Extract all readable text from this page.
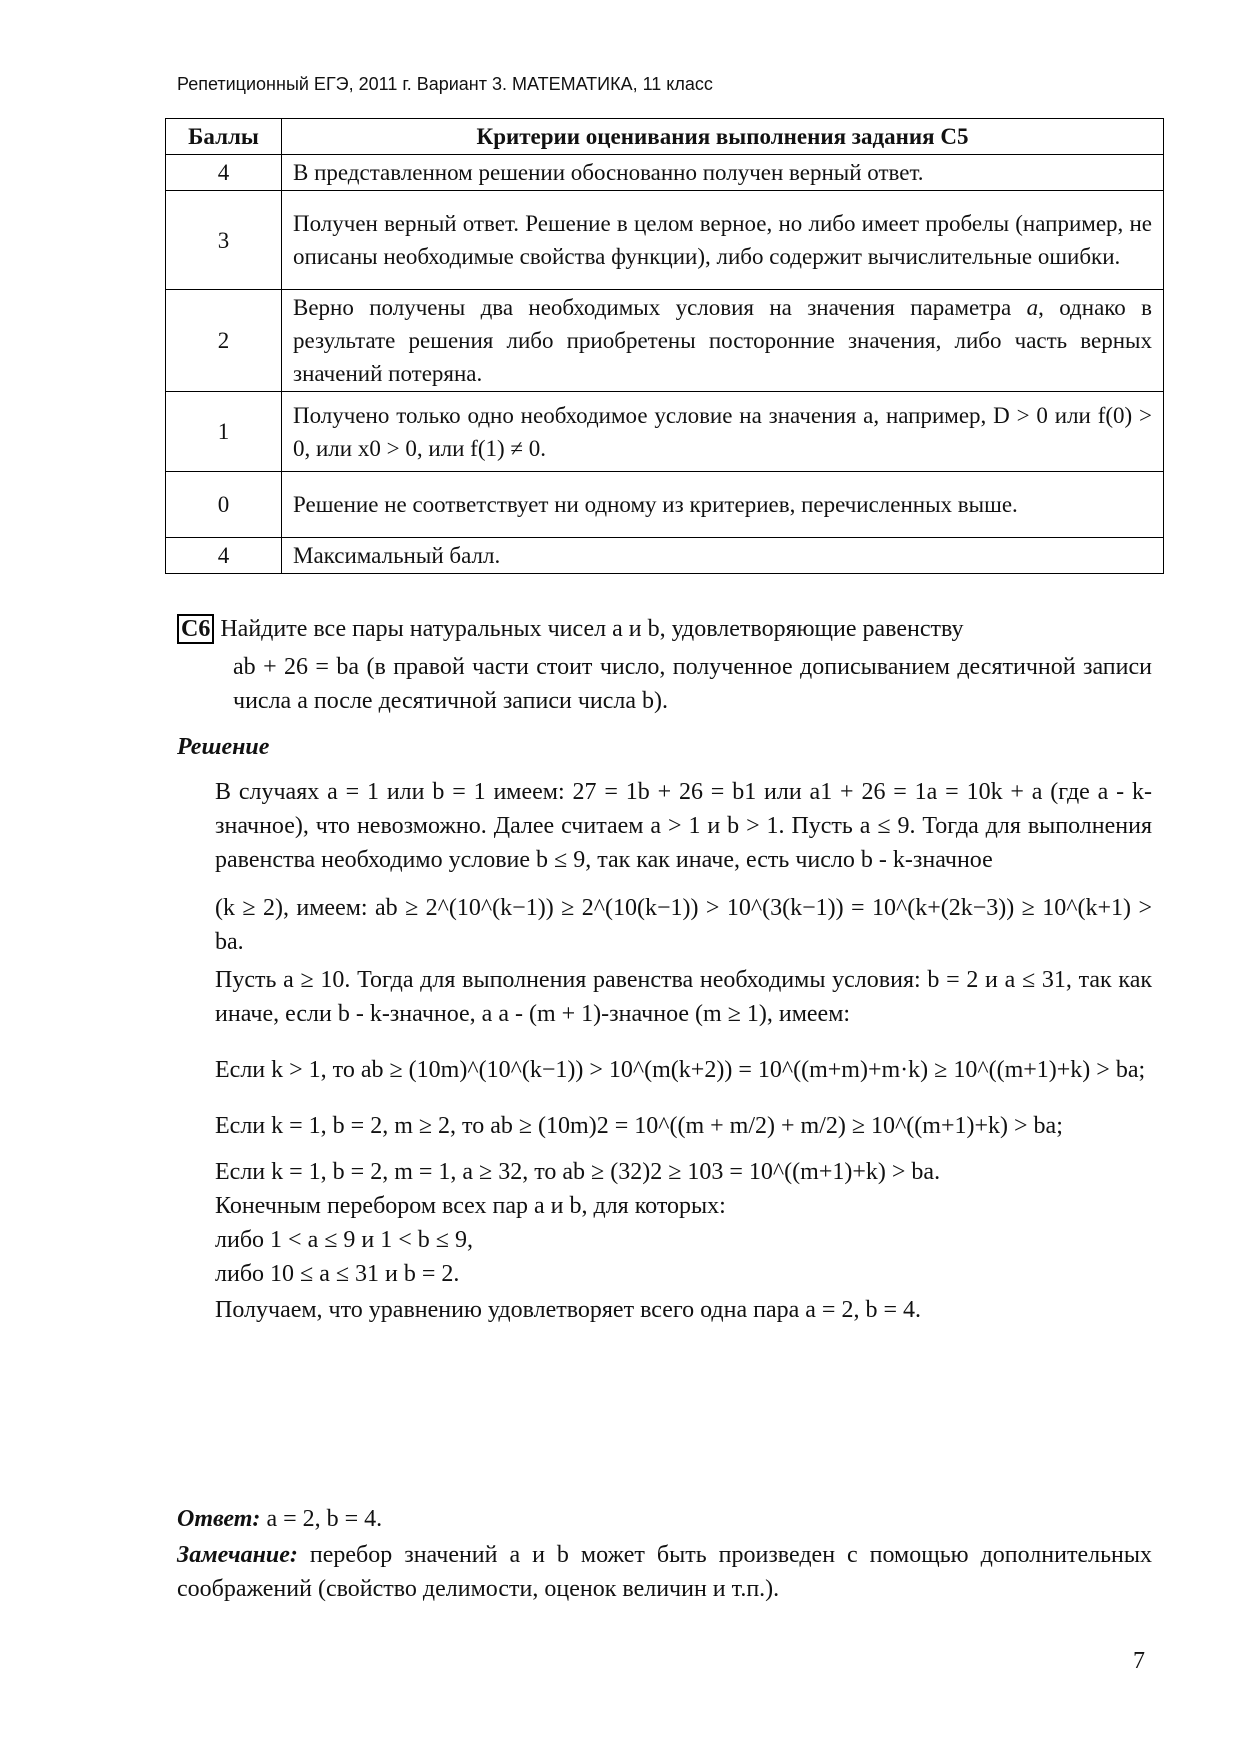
Репетиционный ЕГЭ, 2011 г. Вариант 3. МАТЕМАТИКА, 11 класс
Баллы	Критерии оценивания выполнения задания С5
4	В представленном решении обоснованно получен верный ответ.
3	Получен верный ответ. Решение в целом верное, но либо имеет пробелы (например, не описаны необходимые свойства функции), либо содержит вычислительные ошибки.
2	Верно получены два необходимых условия на значения параметра a, однако в результате решения либо приобретены посторонние значения, либо часть верных значений потеряна.
1	Получено только одно необходимое условие на значения a, например, D > 0 или f(0) > 0, или x0 > 0, или f(1) ≠ 0.
0	Решение не соответствует ни одному из критериев, перечисленных выше.
4	Максимальный балл.
С6 Найдите все пары натуральных чисел a и b, удовлетворяющие равенству
ab + 26 = ba (в правой части стоит число, полученное дописыванием десятичной записи числа a после десятичной записи числа b).
Решение
В случаях a = 1 или b = 1 имеем: 27 = 1b + 26 = b1 или a1 + 26 = 1a = 10k + a (где a - k-значное), что невозможно. Далее считаем a > 1 и b > 1. Пусть a ≤ 9. Тогда для выполнения равенства необходимо условие b ≤ 9, так как иначе, есть число b - k-значное
(k ≥ 2), имеем: ab ≥ 2^(10^(k−1)) ≥ 2^(10(k−1)) > 10^(3(k−1)) = 10^(k+(2k−3)) ≥ 10^(k+1) > ba.
Пусть a ≥ 10. Тогда для выполнения равенства необходимы условия: b = 2 и a ≤ 31, так как иначе, если b - k-значное, а a - (m + 1)-значное (m ≥ 1), имеем:
Если k > 1, то ab ≥ (10m)^(10^(k−1)) > 10^(m(k+2)) = 10^((m+m)+m·k) ≥ 10^((m+1)+k) > ba;
Если k = 1, b = 2, m ≥ 2, то ab ≥ (10m)2 = 10^((m + m/2) + m/2) ≥ 10^((m+1)+k) > ba;
Если k = 1, b = 2, m = 1, a ≥ 32, то ab ≥ (32)2 ≥ 103 = 10^((m+1)+k) > ba.
Конечным перебором всех пар a и b, для которых:
либо 1 < a ≤ 9 и 1 < b ≤ 9,
либо 10 ≤ a ≤ 31 и b = 2.
Получаем, что уравнению удовлетворяет всего одна пара a = 2, b = 4.
Ответ: a = 2, b = 4.
Замечание: перебор значений a и b может быть произведен с помощью дополнительных соображений (свойство делимости, оценок величин и т.п.).
7
